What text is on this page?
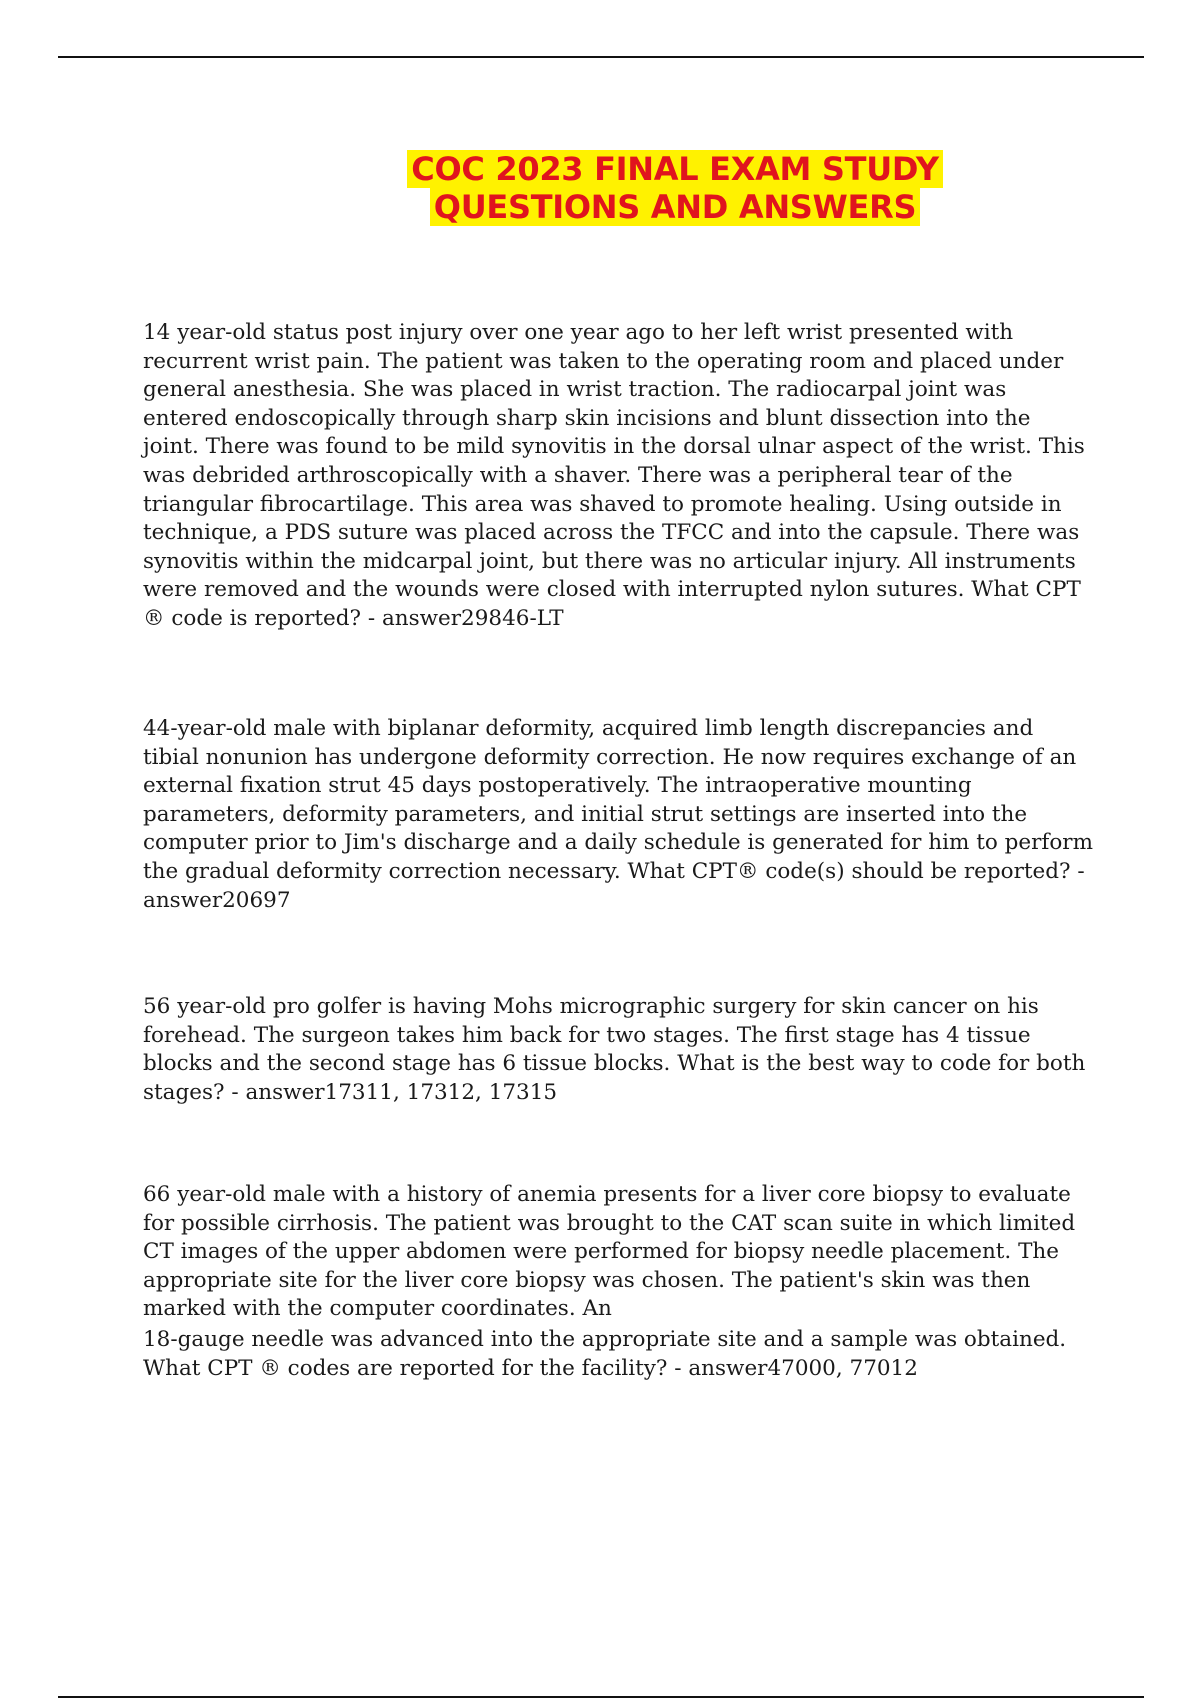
COC 2023 FINAL EXAM STUDY
QUESTIONS AND ANSWERS

14 year-old status post injury over one year ago to her left wrist presented with recurrent wrist pain. The patient was taken to the operating room and placed under general anesthesia. She was placed in wrist traction. The radiocarpal joint was entered endoscopically through sharp skin incisions and blunt dissection into the joint. There was found to be mild synovitis in the dorsal ulnar aspect of the wrist. This was debrided arthroscopically with a shaver. There was a peripheral tear of the triangular fibrocartilage. This area was shaved to promote healing. Using outside in technique, a PDS suture was placed across the TFCC and into the capsule. There was synovitis within the midcarpal joint, but there was no articular injury. All instruments were removed and the wounds were closed with interrupted nylon sutures. What CPT ® code is reported? - answer29846-LT

44-year-old male with biplanar deformity, acquired limb length discrepancies and tibial nonunion has undergone deformity correction. He now requires exchange of an external fixation strut 45 days postoperatively. The intraoperative mounting parameters, deformity parameters, and initial strut settings are inserted into the computer prior to Jim's discharge and a daily schedule is generated for him to perform the gradual deformity correction necessary. What CPT® code(s) should be reported? - answer20697

56 year-old pro golfer is having Mohs micrographic surgery for skin cancer on his forehead. The surgeon takes him back for two stages. The first stage has 4 tissue blocks and the second stage has 6 tissue blocks. What is the best way to code for both stages? - answer17311, 17312, 17315

66 year-old male with a history of anemia presents for a liver core biopsy to evaluate for possible cirrhosis. The patient was brought to the CAT scan suite in which limited CT images of the upper abdomen were performed for biopsy needle placement. The appropriate site for the liver core biopsy was chosen. The patient's skin was then marked with the computer coordinates. An

18-gauge needle was advanced into the appropriate site and a sample was obtained. What CPT ® codes are reported for the facility? - answer47000, 77012
